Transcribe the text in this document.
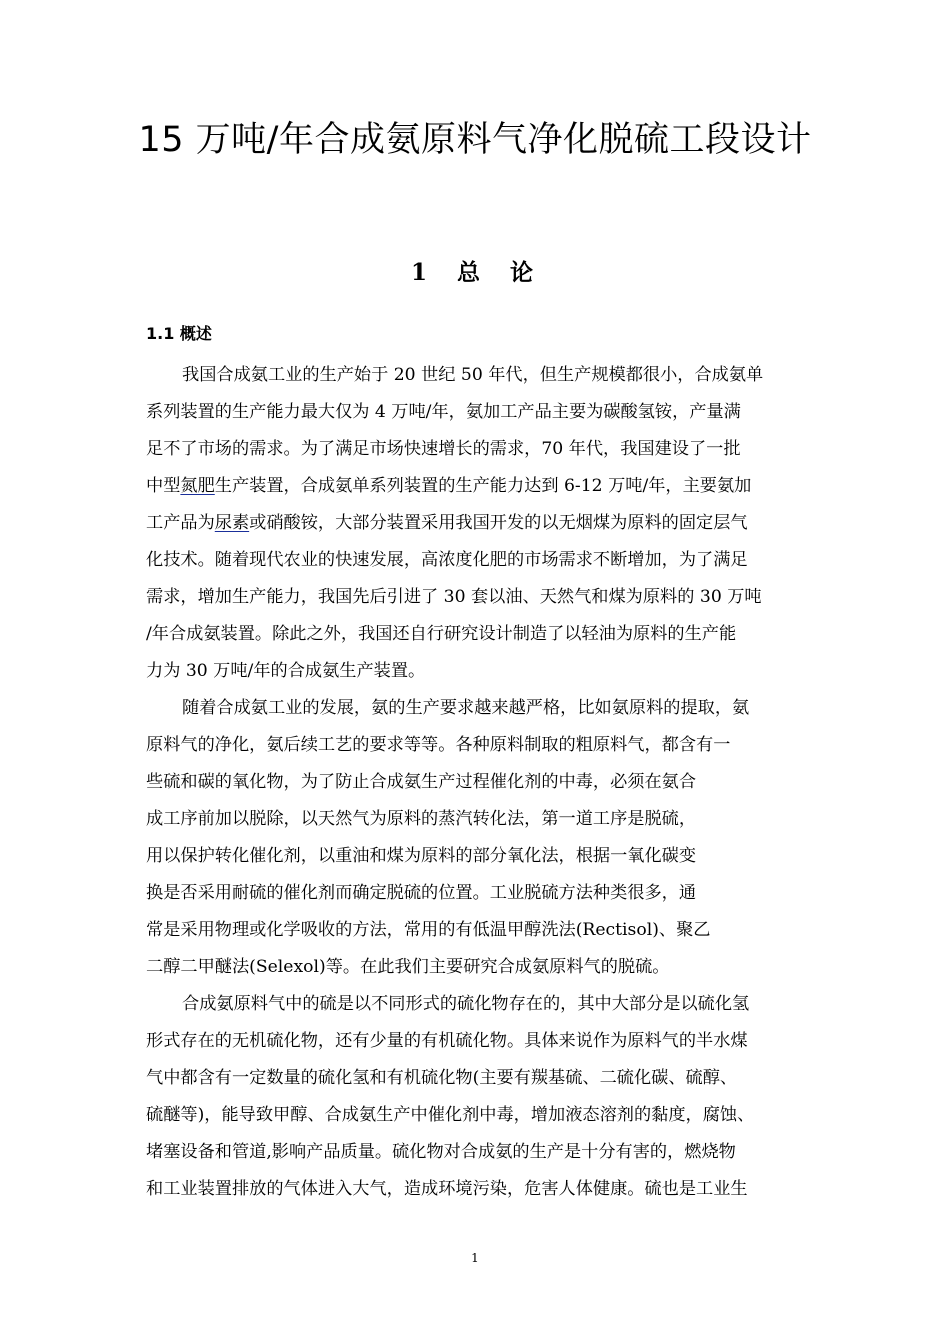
15 万吨/年合成氨原料气净化脱硫工段设计
1 总 论
1.1 概述

我国合成氨工业的生产始于 20 世纪 50 年代，但生产规模都很小，合成氨单
系列装置的生产能力最大仅为 4 万吨/年，氨加工产品主要为碳酸氢铵，产量满
足不了市场的需求。为了满足市场快速增长的需求，70 年代，我国建设了一批
中型氮肥生产装置，合成氨单系列装置的生产能力达到 6-12 万吨/年，主要氨加
工产品为尿素或硝酸铵，大部分装置采用我国开发的以无烟煤为原料的固定层气
化技术。随着现代农业的快速发展，高浓度化肥的市场需求不断增加，为了满足
需求，增加生产能力，我国先后引进了 30 套以油、天然气和煤为原料的 30 万吨
/年合成氨装置。除此之外，我国还自行研究设计制造了以轻油为原料的生产能
力为 30 万吨/年的合成氨生产装置。

随着合成氨工业的发展，氨的生产要求越来越严格，比如氨原料的提取，氨
原料气的净化，氨后续工艺的要求等等。各种原料制取的粗原料气，都含有一
些硫和碳的氧化物，为了防止合成氨生产过程催化剂的中毒，必须在氨合
成工序前加以脱除，以天然气为原料的蒸汽转化法，第一道工序是脱硫，
用以保护转化催化剂，以重油和煤为原料的部分氧化法，根据一氧化碳变
换是否采用耐硫的催化剂而确定脱硫的位置。工业脱硫方法种类很多，通
常是采用物理或化学吸收的方法，常用的有低温甲醇洗法(Rectisol)、聚乙
二醇二甲醚法(Selexol)等。在此我们主要研究合成氨原料气的脱硫。

合成氨原料气中的硫是以不同形式的硫化物存在的，其中大部分是以硫化氢
形式存在的无机硫化物，还有少量的有机硫化物。具体来说作为原料气的半水煤
气中都含有一定数量的硫化氢和有机硫化物(主要有羰基硫、二硫化碳、硫醇、
硫醚等)，能导致甲醇、合成氨生产中催化剂中毒，增加液态溶剂的黏度，腐蚀、
堵塞设备和管道,影响产品质量。硫化物对合成氨的生产是十分有害的，燃烧物
和工业装置排放的气体进入大气，造成环境污染，危害人体健康。硫也是工业生

1
